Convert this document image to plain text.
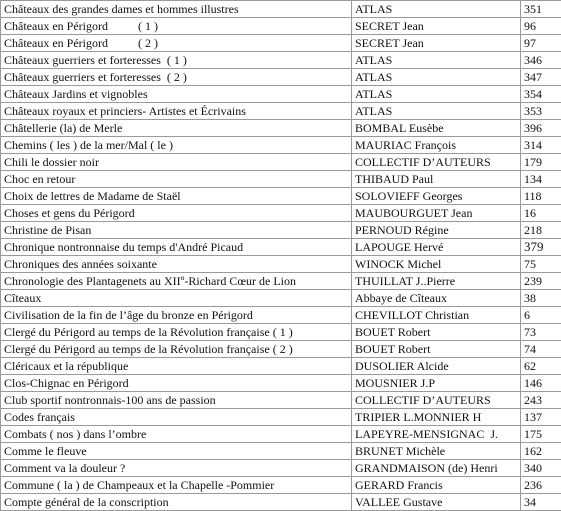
Châteaux des grandes dames et hommes illustres	ATLAS	351
Châteaux en Périgord          ( 1 )	SECRET Jean	96
Châteaux en Périgord          ( 2 )	SECRET Jean	97
Châteaux guerriers et forteresses  ( 1 )	ATLAS	346
Châteaux guerriers et forteresses  ( 2 )	ATLAS	347
Châteaux Jardins et vignobles	ATLAS	354
Châteaux royaux et princiers- Artistes et Écrivains	ATLAS	353
Châtellerie (la) de Merle	BOMBAL Eusèbe	396
Chemins ( les ) de la mer/Mal ( le )	MAURIAC François	314
Chili le dossier noir	COLLECTIF D’AUTEURS	179
Choc en retour	THIBAUD Paul	134
Choix de lettres de Madame de Staël	SOLOVIEFF Georges	118
Choses et gens du Périgord	MAUBOURGUET Jean	16
Christine de Pisan	PERNOUD Régine	218
Chronique nontronnaise du temps d'André Picaud	LAPOUGE Hervé	379
Chroniques des années soixante	WINOCK Michel	75
Chronologie des Plantagenets au XIIº-Richard Cœur de Lion	THUILLAT J..Pierre	239
Cîteaux	Abbaye de Cîteaux	38
Civilisation de la fin de l’âge du bronze en Périgord	CHEVILLOT Christian	6
Clergé du Périgord au temps de la Révolution française ( 1 )	BOUET Robert	73
Clergé du Périgord au temps de la Révolution française ( 2 )	BOUET Robert	74
Cléricaux et la république	DUSOLIER Alcide	62
Clos-Chignac en Périgord	MOUSNIER J.P	146
Club sportif nontronnais-100 ans de passion	COLLECTIF D’AUTEURS	243
Codes français	TRIPIER L.MONNIER H	137
Combats ( nos ) dans l’ombre	LAPEYRE-MENSIGNAC  J.	175
Comme le fleuve	BRUNET Michèle	162
Comment va la douleur ?	GRANDMAISON (de) Henri	340
Commune ( la ) de Champeaux et la Chapelle -Pommier	GERARD Francis	236
Compte général de la conscription	VALLEE Gustave	34
